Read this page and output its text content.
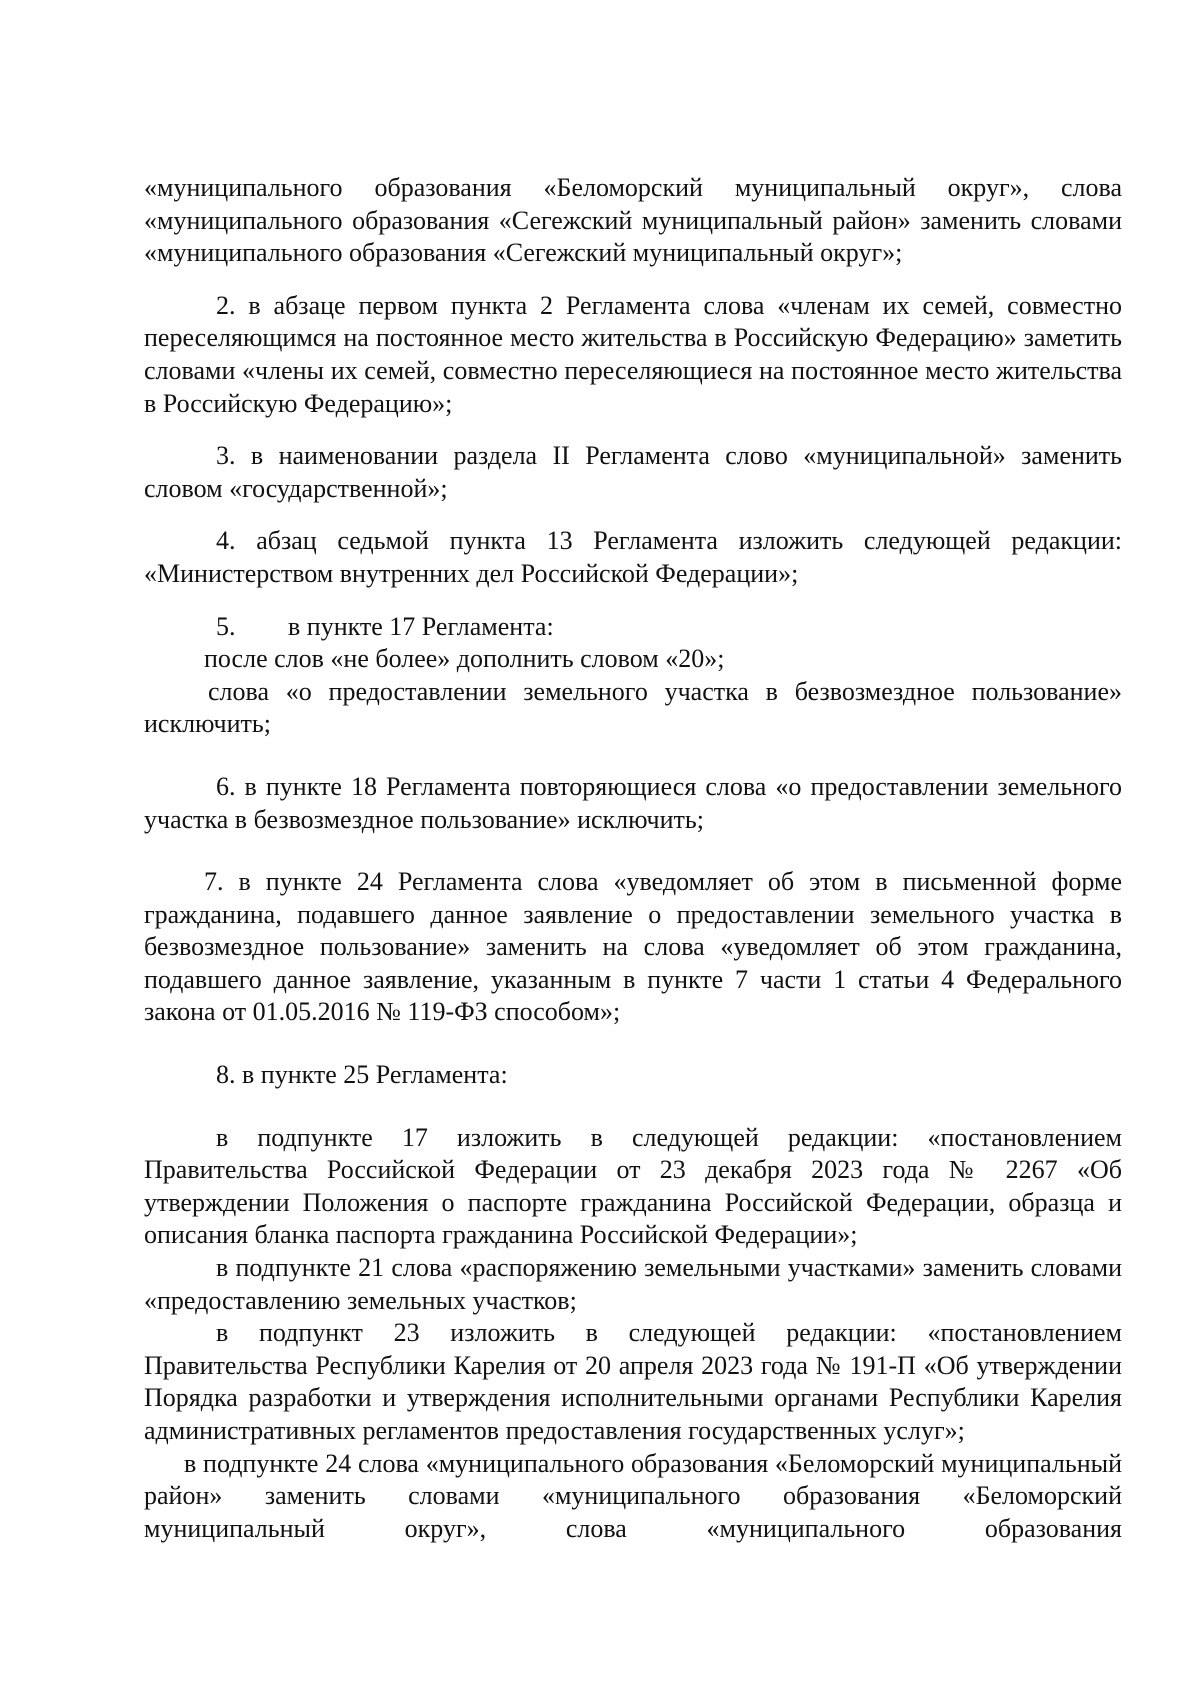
«муниципального образования «Беломорский муниципальный округ», слова «муниципального образования «Сегежский муниципальный район» заменить словами «муниципального образования «Сегежский муниципальный округ»;

2. в абзаце первом пункта 2 Регламента слова «членам их семей, совместно переселяющимся на постоянное место жительства в Российскую Федерацию» заметить словами «члены их семей, совместно переселяющиеся на постоянное место жительства в Российскую Федерацию»;

3. в наименовании раздела II Регламента слово «муниципальной» заменить словом «государственной»;

4. абзац седьмой пункта 13 Регламента изложить следующей редакции: «Министерством внутренних дел Российской Федерации»;

5. в пункте 17 Регламента:

после слов «не более» дополнить словом «20»;

слова «о предоставлении земельного участка в безвозмездное пользование» исключить;

6. в пункте 18 Регламента повторяющиеся слова «о предоставлении земельного участка в безвозмездное пользование» исключить;

7. в пункте 24 Регламента слова «уведомляет об этом в письменной форме гражданина, подавшего данное заявление о предоставлении земельного участка в безвозмездное пользование» заменить на слова «уведомляет об этом гражданина, подавшего данное заявление, указанным в пункте 7 части 1 статьи 4 Федерального закона от 01.05.2016 № 119-ФЗ способом»;

8. в пункте 25 Регламента:

в подпункте 17 изложить в следующей редакции: «постановлением Правительства Российской Федерации от 23 декабря 2023 года № 2267 «Об утверждении Положения о паспорте гражданина Российской Федерации, образца и описания бланка паспорта гражданина Российской Федерации»;

в подпункте 21 слова «распоряжению земельными участками» заменить словами «предоставлению земельных участков;

в подпункт 23 изложить в следующей редакции: «постановлением Правительства Республики Карелия от 20 апреля 2023 года № 191-П «Об утверждении Порядка разработки и утверждения исполнительными органами Республики Карелия административных регламентов предоставления государственных услуг»;

в подпункте 24 слова «муниципального образования «Беломорский муниципальный район» заменить словами «муниципального образования «Беломорский муниципальный округ», слова «муниципального образования
